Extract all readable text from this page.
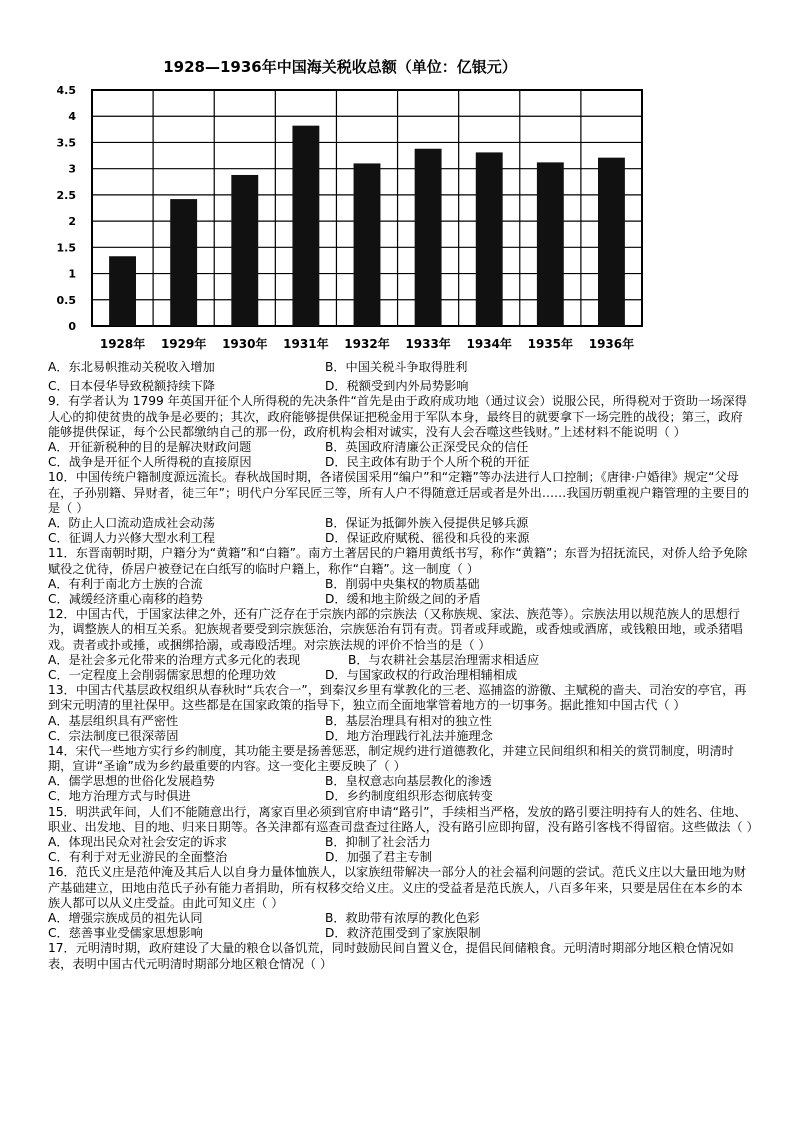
1928—1936年中国海关税收总额（单位：亿银元）
4.5
4
3.5
3
2.5
2
1.5
1
0.5
0
1928年 1929年 1930年 1931年 1932年 1933年 1934年 1935年 1936年
A．东北易帜推动关税收入增加	B．中国关税斗争取得胜利
C．日本侵华导致税额持续下降	D．税额受到内外局势影响

9．有学者认为 1799 年英国开征个人所得税的先决条件“首先是由于政府成功地（通过议会）说服公民，所得税对于资助一场深得人心的抑使贫贵的战争是必要的；其次，政府能够提供保证把税金用于军队本身，最终目的就要拿下一场完胜的战役；第三，政府能够提供保证，每个公民都缴纳自己的那一份，政府机构会相对诚实，没有人会吞噬这些钱财。”上述材料不能说明（ ）

A．开征新税种的目的是解决财政问题	B．英国政府清廉公正深受民众的信任
C．战争是开征个人所得税的直接原因	D．民主政体有助于个人所个税的开征

10．中国传统户籍制度源远流长。春秋战国时期，各诸侯国采用“编户”和“定籍”等办法进行人口控制；《唐律·户婚律》规定“父母在，子孙别籍、异财者，徒三年”；明代户分军民匠三等，所有人户不得随意迁居或者是外出……我国历朝重视户籍管理的主要目的是（ ）

A．防止人口流动造成社会动荡	B．保证为抵御外族入侵提供足够兵源
C．征调人力兴修大型水利工程	D．保证政府赋税、徭役和兵役的来源

11．东晋南朝时期，户籍分为“黄籍”和“白籍”。南方土著居民的户籍用黄纸书写，称作“黄籍”；东晋为招抚流民，对侨人给予免除赋役之优待，侨居户被登记在白纸写的临时户籍上，称作“白籍”。这一制度（ ）

A．有利于南北方士族的合流	B．削弱中央集权的物质基础
C．减缓经济重心南移的趋势	D．缓和地主阶级之间的矛盾

12．中国古代，于国家法律之外，还有广泛存在于宗族内部的宗族法（又称族规、家法、族范等）。宗族法用以规范族人的思想行为，调整族人的相互关系。犯族规者要受到宗族惩治，宗族惩治有罚有责。罚者或拜或跪，或香烛或酒席，或钱粮田地，或杀猪唱戏。责者或扑或捶，或捆绑拾溺，或毒殴活埋。对宗族法规的评价不恰当的是（ ）

A．是社会多元化带来的治理方式多元化的表现	B．与农耕社会基层治理需求相适应
C．一定程度上会削弱儒家思想的伦理功效	D．与国家政权的行政治理相辅相成

13．中国古代基层政权组织从春秋时“兵农合一”，到秦汉乡里有掌教化的三老、巡捕盗的游徼、主赋税的啬夫、司治安的亭官，再到宋元明清的里社保甲。这些都是在国家政策的指导下，独立而全面地掌管着地方的一切事务。据此推知中国古代（ ）

A．基层组织具有严密性	B．基层治理具有相对的独立性
C．宗法制度已很深蒂固	D．地方治理践行礼法并施理念

14．宋代一些地方实行乡约制度，其功能主要是扬善惩恶，制定规约进行道德教化，并建立民间组织和相关的赏罚制度，明清时期，宣讲“圣谕”成为乡约最重要的内容。这一变化主要反映了（ ）

A．儒学思想的世俗化发展趋势	B．皇权意志向基层教化的渗透
C．地方治理方式与时俱进	D．乡约制度组织形态彻底转变

15．明洪武年间，人们不能随意出行，离家百里必须到官府申请“路引”，手续相当严格，发放的路引要注明持有人的姓名、住地、职业、出发地、目的地、归来日期等。各关津都有巡查司盘查过往路人，没有路引应即拘留，没有路引客栈不得留宿。这些做法（ ）

A．体现出民众对社会安定的诉求	B．抑制了社会活力
C．有利于对无业游民的全面整治	D．加强了君主专制

16．范氏义庄是范仲淹及其后人以自身力量体恤族人，以家族纽带解决一部分人的社会福利问题的尝试。范氏义庄以大量田地为财产基础建立，田地由范氏子孙有能力者捐助，所有权移交给义庄。义庄的受益者是范氏族人，八百多年来，只要是居住在本乡的本族人都可以从义庄受益。由此可知义庄（ ）

A．增强宗族成员的祖先认同	B．救助带有浓厚的教化色彩
C．慈善事业受儒家思想影响	D．救济范围受到了家族限制

17．元明清时期，政府建设了大量的粮仓以备饥荒，同时鼓励民间自置义仓，提倡民间储粮食。元明清时期部分地区粮仓情况如表，表明中国古代元明清时期部分地区粮仓情况（ ）
